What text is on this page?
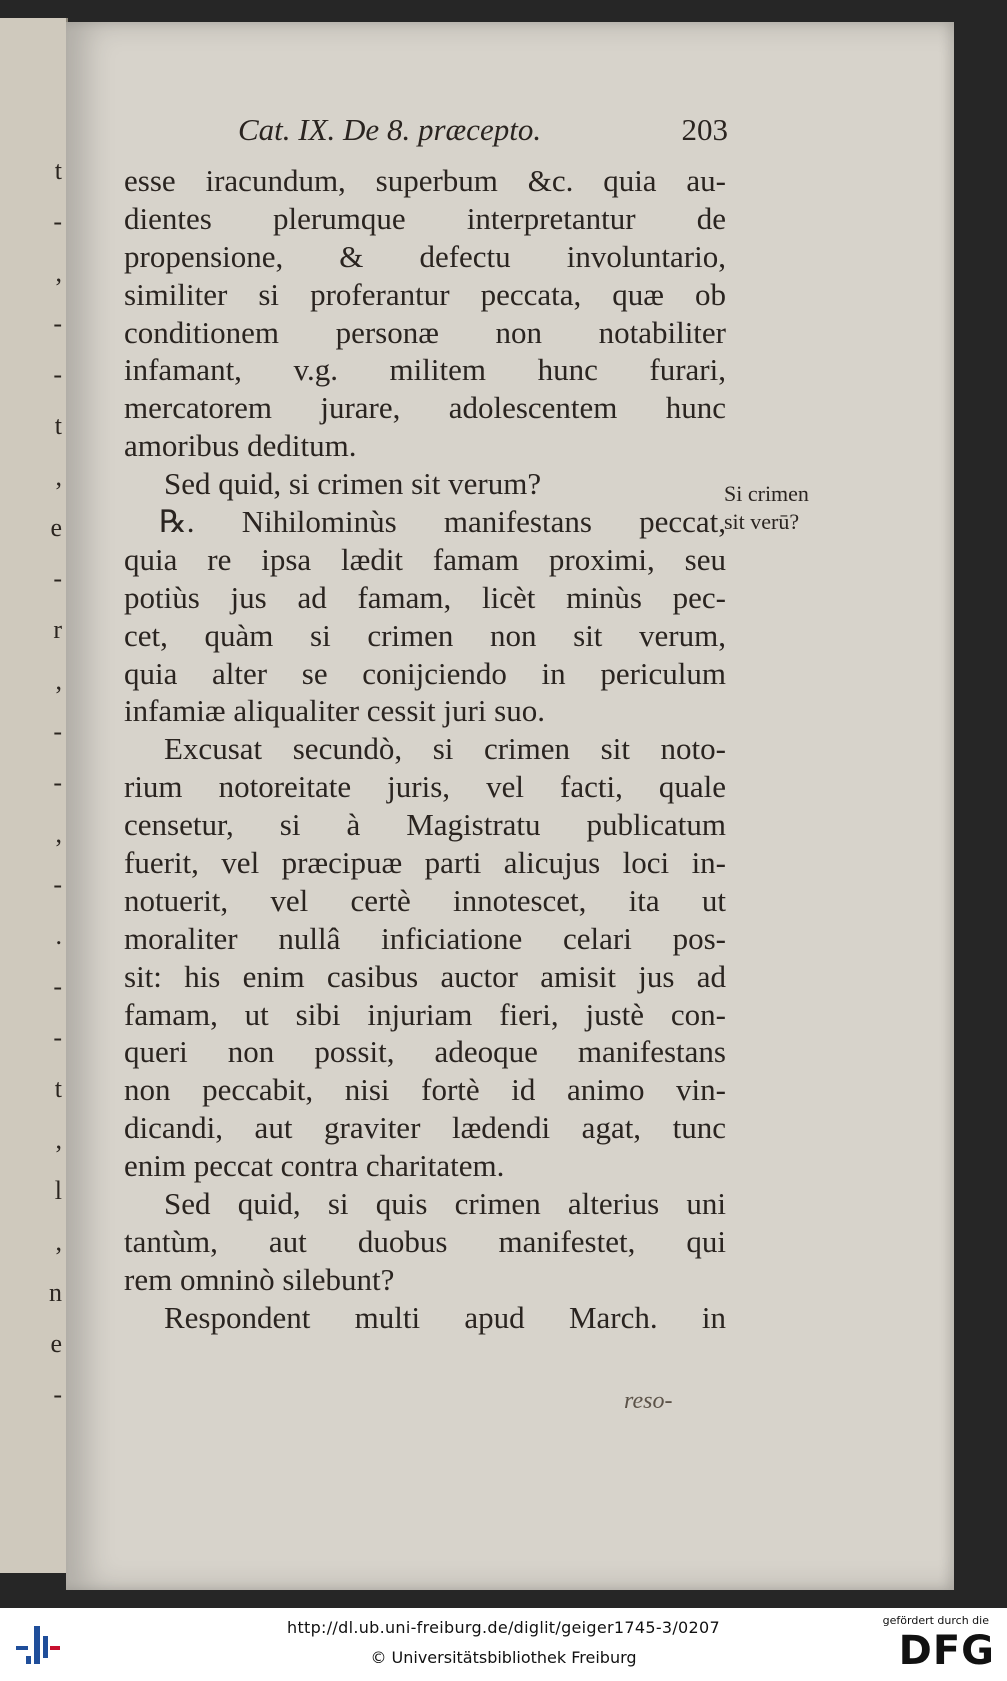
t
-
,
-
-
t
,
e
-
r
,
-
-
,
-
.
-
-
t
,
l
,
n
e
-
Cat. IX. De 8. præcepto.	203
esse iracundum, superbum &c. quia au-
dientes plerumque interpretantur de
propensione, & defectu involuntario,
similiter si proferantur peccata, quæ ob
conditionem personæ non notabiliter
infamant, v.g. militem hunc furari,
mercatorem jurare, adolescentem hunc
amoribus deditum.
Sed quid, si crimen sit verum?
℞. Nihilominùs manifestans peccat,
quia re ipsa lædit famam proximi, seu
potiùs jus ad famam, licèt minùs pec-
cet, quàm si crimen non sit verum,
quia alter se conijciendo in periculum
infamiæ aliqualiter cessit juri suo.
Excusat secundò, si crimen sit noto-
rium notoreitate juris, vel facti, quale
censetur, si à Magistratu publicatum
fuerit, vel præcipuæ parti alicujus loci in-
notuerit, vel certè innotescet, ita ut
moraliter nullâ inficiatione celari pos-
sit: his enim casibus auctor amisit jus ad
famam, ut sibi injuriam fieri, justè con-
queri non possit, adeoque manifestans
non peccabit, nisi fortè id animo vin-
dicandi, aut graviter lædendi agat, tunc
enim peccat contra charitatem.
Sed quid, si quis crimen alterius uni
tantùm, aut duobus manifestet, qui
rem omninò silebunt?
Respondent multi apud March. in
Si crimen
sit verū?
reso-
http://dl.ub.uni-freiburg.de/diglit/geiger1745-3/0207
© Universitätsbibliothek Freiburg
gefördert durch die
DFG
